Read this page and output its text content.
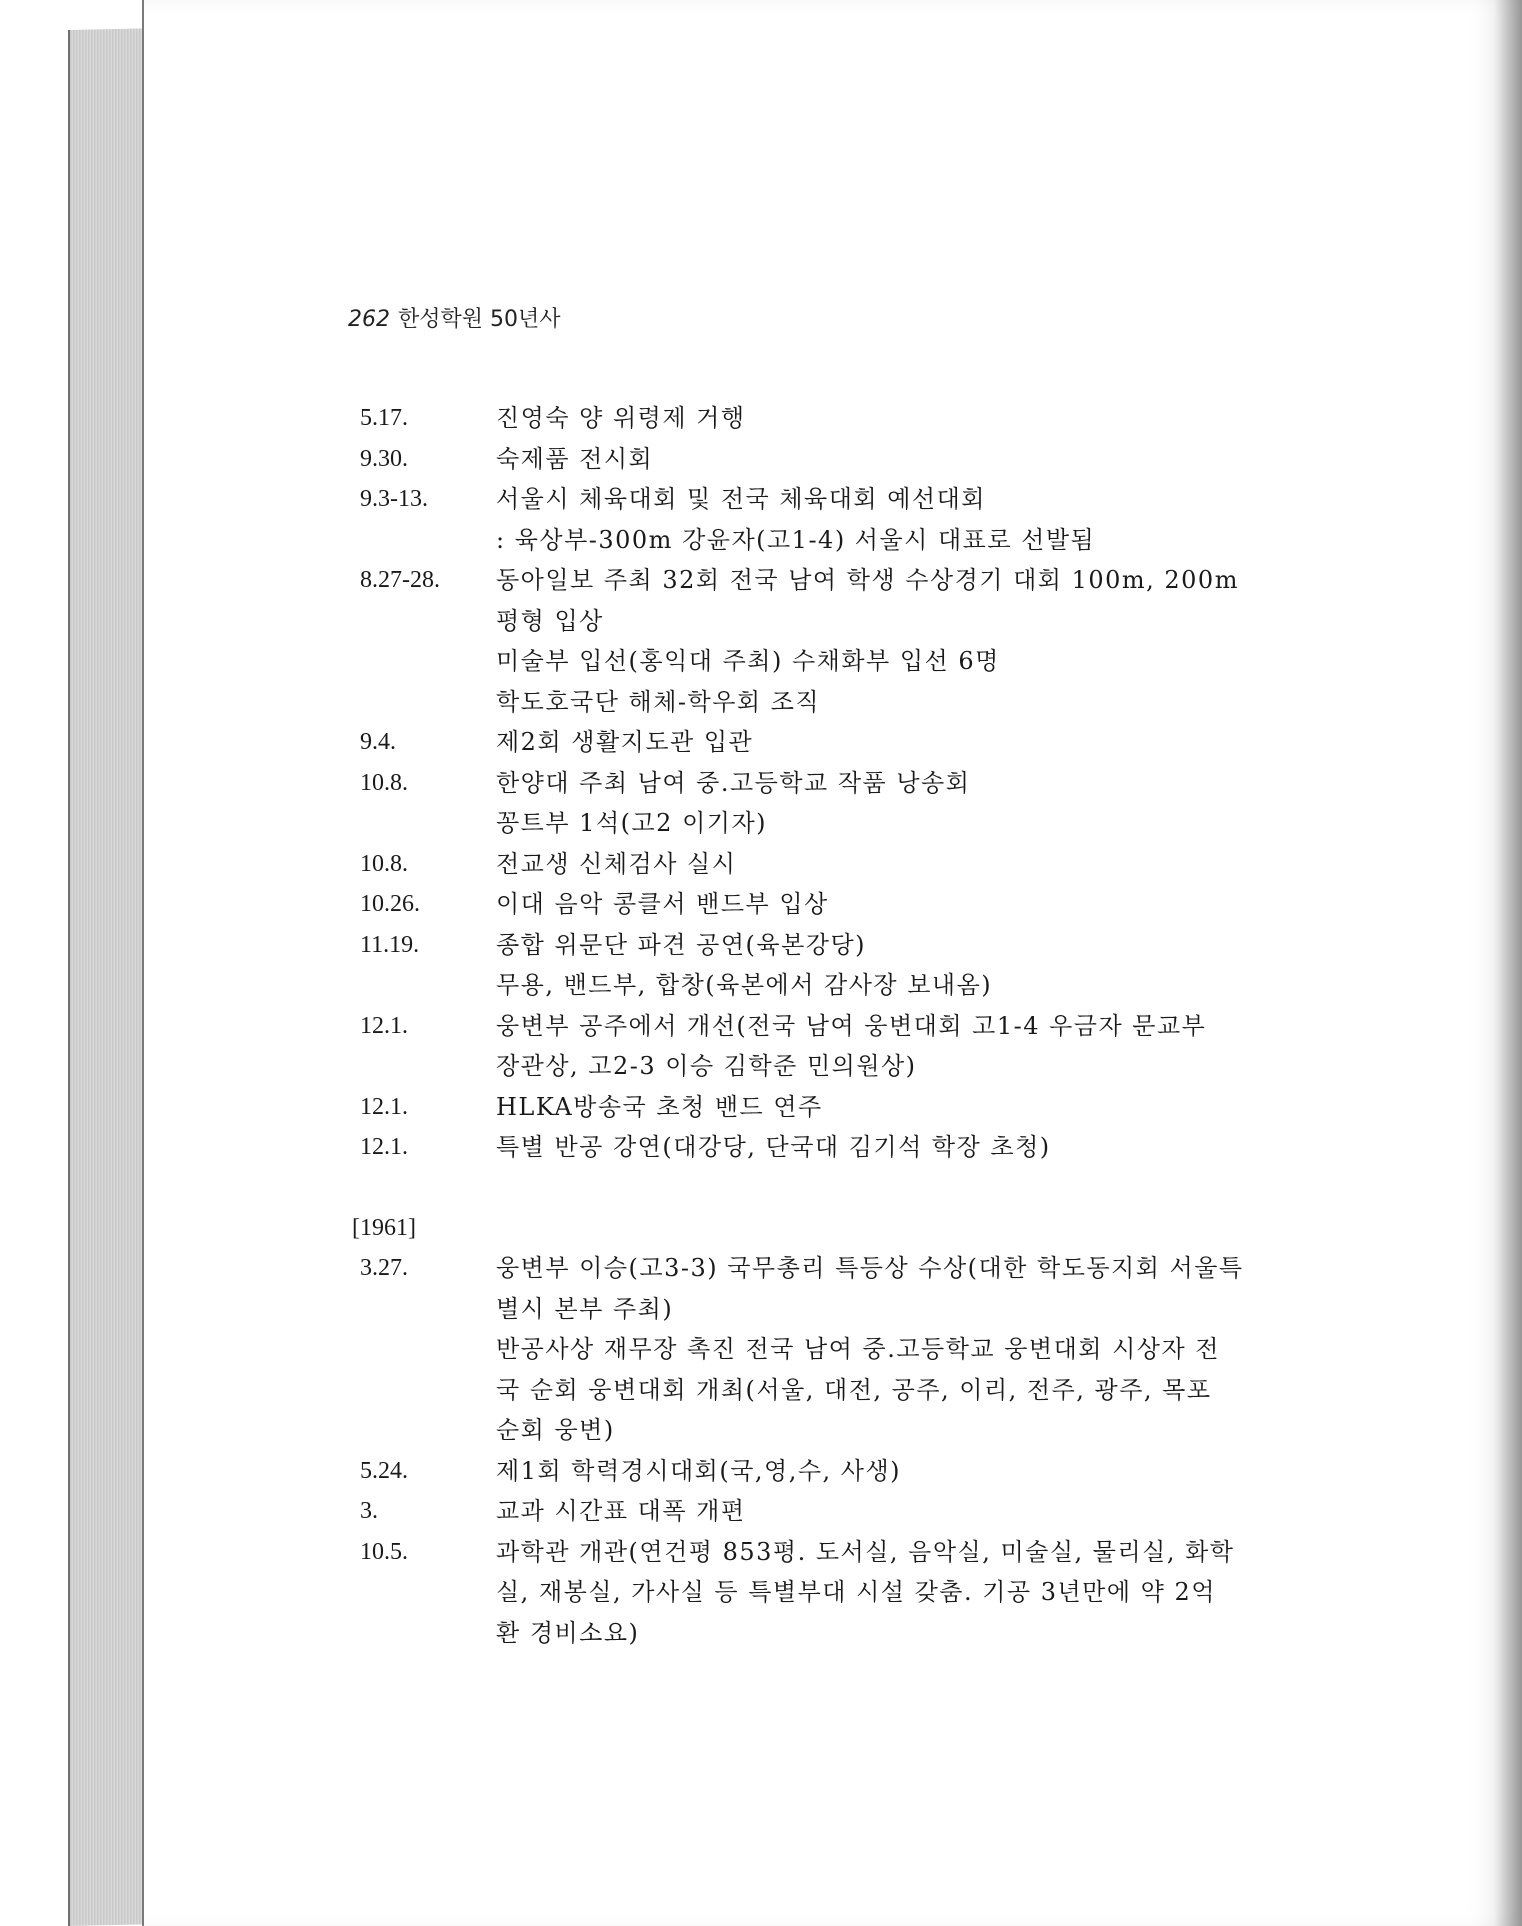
262 한성학원 50년사
5.17.	진영숙 양 위령제 거행
9.30.	숙제품 전시회
9.3-13.	서울시 체육대회 및 전국 체육대회 예선대회
: 육상부-300m 강윤자(고1-4) 서울시 대표로 선발됨
8.27-28.	동아일보 주최 32회 전국 남여 학생 수상경기 대회 100m, 200m
평형 입상
미술부 입선(홍익대 주최) 수채화부 입선 6명
학도호국단 해체-학우회 조직
9.4.	제2회 생활지도관 입관
10.8.	한양대 주최 남여 중.고등학교 작품 낭송회
꽁트부 1석(고2 이기자)
10.8.	전교생 신체검사 실시
10.26.	이대 음악 콩클서 밴드부 입상
11.19.	종합 위문단 파견 공연(육본강당)
무용, 밴드부, 합창(육본에서 감사장 보내옴)
12.1.	웅변부 공주에서 개선(전국 남여 웅변대회 고1-4 우금자 문교부
장관상, 고2-3 이승 김학준 민의원상)
12.1.	HLKA방송국 초청 밴드 연주
12.1.	특별 반공 강연(대강당, 단국대 김기석 학장 초청)
[1961]
3.27.	웅변부 이승(고3-3) 국무총리 특등상 수상(대한 학도동지회 서울특
별시 본부 주최)
반공사상 재무장 촉진 전국 남여 중.고등학교 웅변대회 시상자 전
국 순회 웅변대회 개최(서울, 대전, 공주, 이리, 전주, 광주, 목포
순회 웅변)
5.24.	제1회 학력경시대회(국,영,수, 사생)
3.	교과 시간표 대폭 개편
10.5.	과학관 개관(연건평 853평. 도서실, 음악실, 미술실, 물리실, 화학
실, 재봉실, 가사실 등 특별부대 시설 갖춤. 기공 3년만에 약 2억
환 경비소요)
